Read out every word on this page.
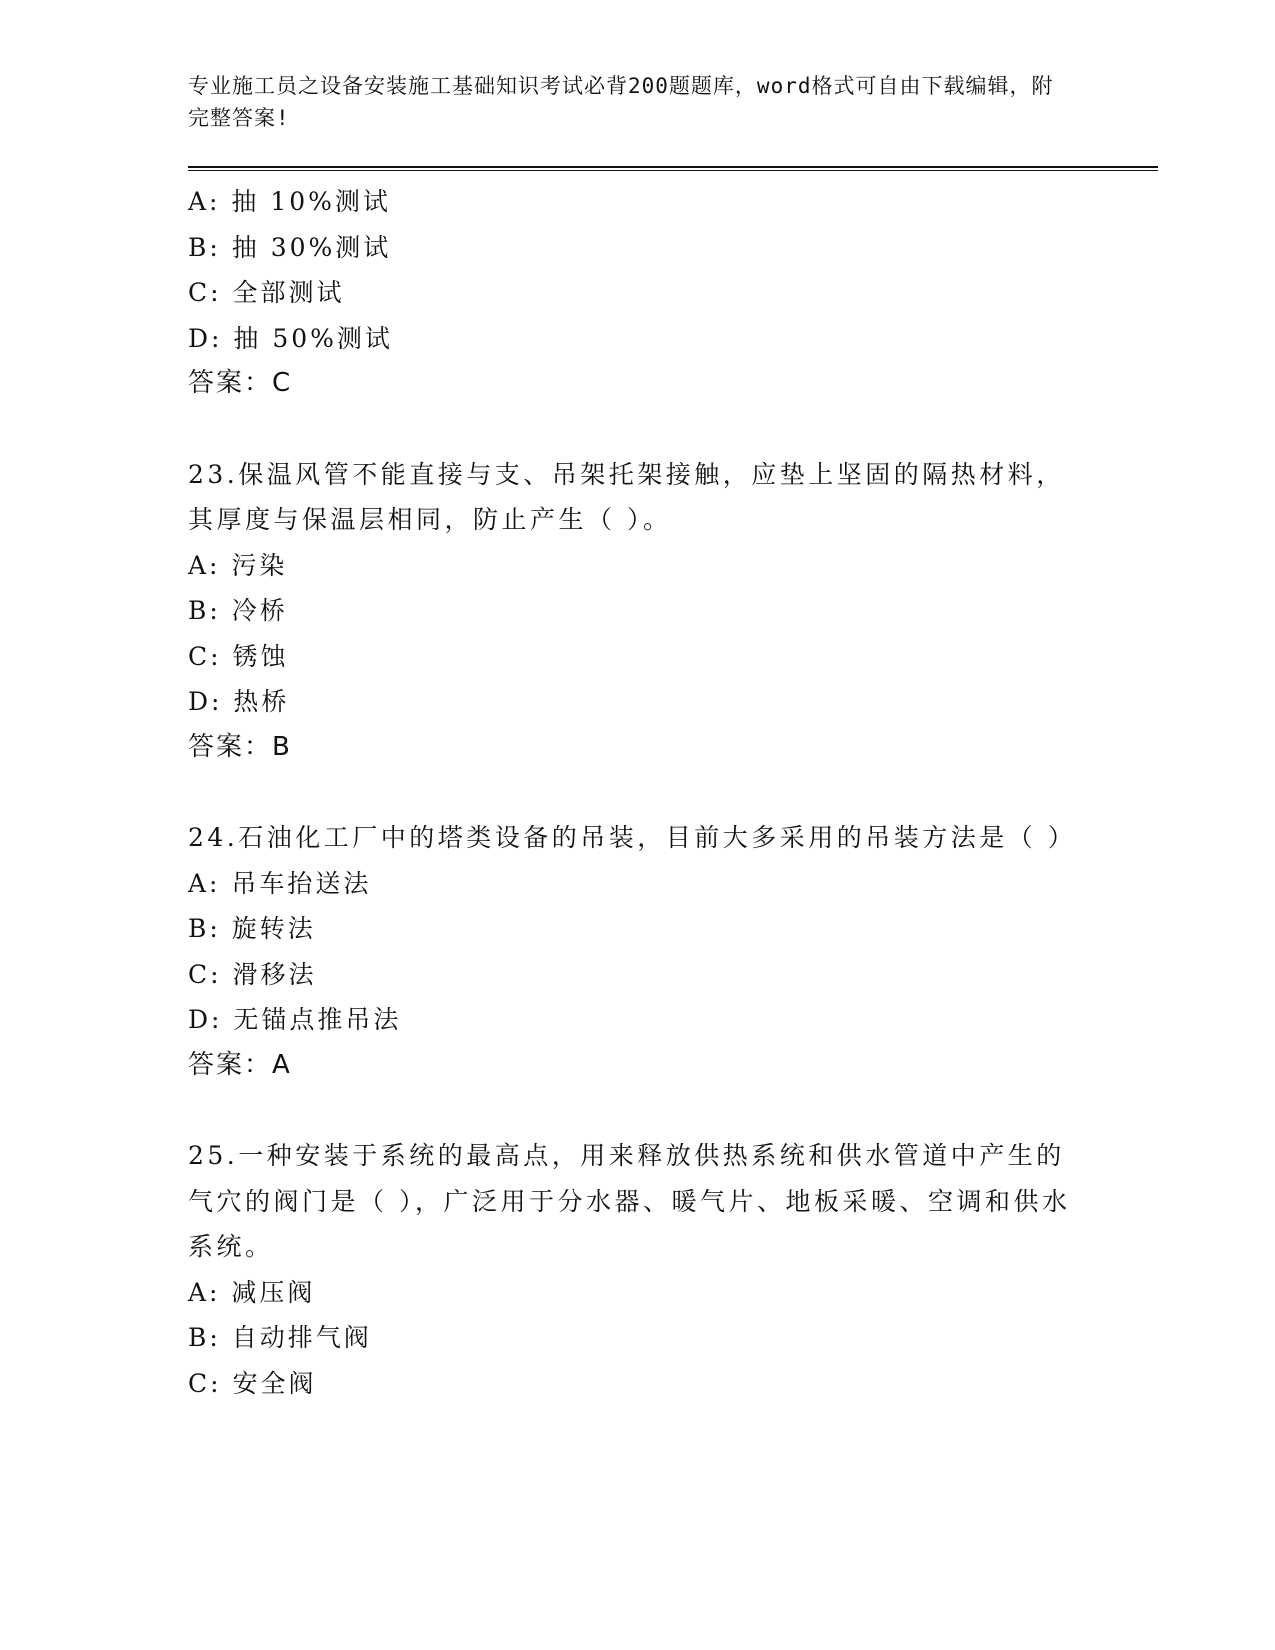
专业施工员之设备安装施工基础知识考试必背200题题库，word格式可自由下载编辑，附完整答案!
A: 抽 10%测试
B: 抽 30%测试
C: 全部测试
D: 抽 50%测试
答案：C
23.保温风管不能直接与支、吊架托架接触，应垫上坚固的隔热材料，其厚度与保温层相同，防止产生（ ）。
A: 污染
B: 冷桥
C: 锈蚀
D: 热桥
答案：B
24.石油化工厂中的塔类设备的吊装，目前大多采用的吊装方法是（ ）
A: 吊车抬送法
B: 旋转法
C: 滑移法
D: 无锚点推吊法
答案：A
25.一种安装于系统的最高点，用来释放供热系统和供水管道中产生的气穴的阀门是（ ），广泛用于分水器、暖气片、地板采暖、空调和供水系统。
A: 减压阀
B: 自动排气阀
C: 安全阀
